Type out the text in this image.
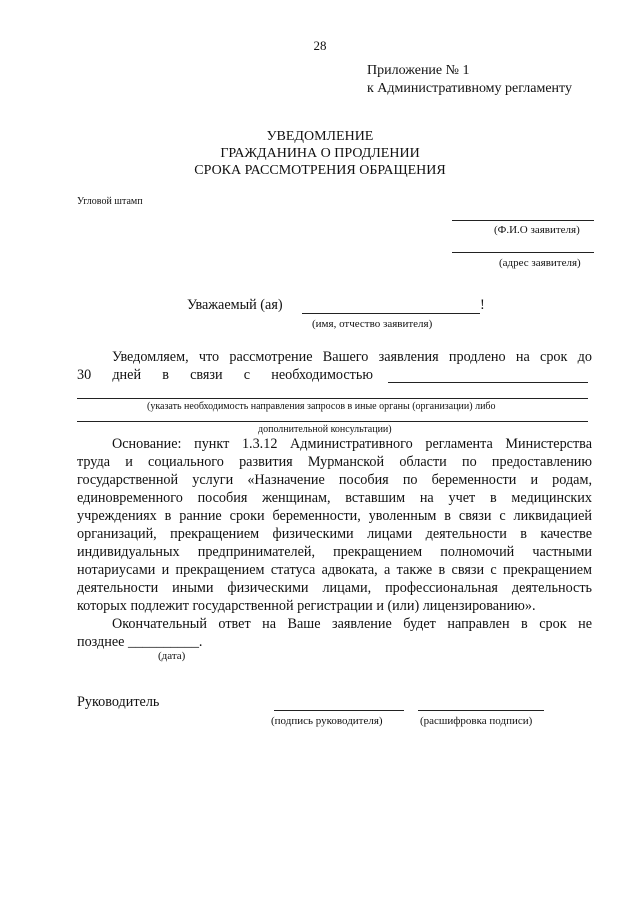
28
Приложение № 1
к Административному регламенту
УВЕДОМЛЕНИЕ
ГРАЖДАНИНА О ПРОДЛЕНИИ
СРОКА РАССМОТРЕНИЯ ОБРАЩЕНИЯ
Угловой штамп
(Ф.И.О заявителя)
(адрес заявителя)
Уважаемый (ая)	!
(имя, отчество заявителя)
Уведомляем, что рассмотрение Вашего заявления продлено на срок до
30 дней в связи с необходимостью
(указать необходимость направления запросов в иные органы (организации) либо
дополнительной консультации)
Основание: пункт 1.3.12 Административного регламента Министерства
труда и социального развития Мурманской области по предоставлению
государственной услуги «Назначение пособия по беременности и родам,
единовременного пособия женщинам, вставшим на учет в медицинских
учреждениях в ранние сроки беременности, уволенным в связи с ликвидацией
организаций, прекращением физическими лицами деятельности в качестве
индивидуальных предпринимателей, прекращением полномочий частными
нотариусами и прекращением статуса адвоката, а также в связи с прекращением
деятельности иными физическими лицами, профессиональная деятельность
которых подлежит государственной регистрации и (или) лицензированию».
Окончательный ответ на Ваше заявление будет направлен в срок не
позднее __________.
(дата)
Руководитель
(подпись руководителя)	(расшифровка подписи)
